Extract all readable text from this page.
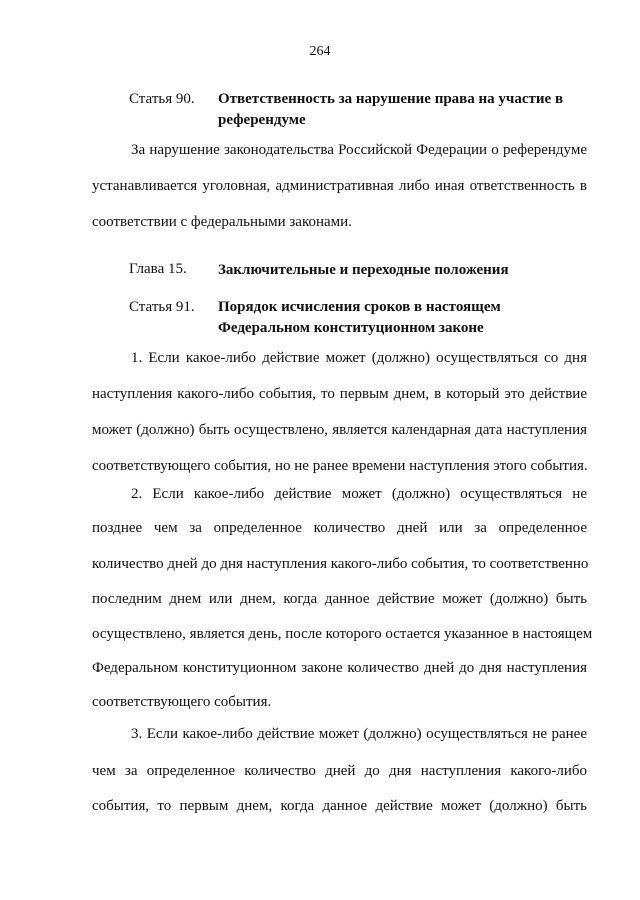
264
Статья 90. Ответственность за нарушение права на участие в
референдуме
За нарушение законодательства Российской Федерации о референдуме
устанавливается уголовная, административная либо иная ответственность в
соответствии с федеральными законами.
Глава 15. Заключительные и переходные положения
Статья 91. Порядок исчисления сроков в настоящем
Федеральном конституционном законе
1. Если какое-либо действие может (должно) осуществляться со дня
наступления какого-либо события, то первым днем, в который это действие
может (должно) быть осуществлено, является календарная дата наступления
соответствующего события, но не ранее времени наступления этого события.
2. Если какое-либо действие может (должно) осуществляться не
позднее чем за определенное количество дней или за определенное
количество дней до дня наступления какого-либо события, то соответственно
последним днем или днем, когда данное действие может (должно) быть
осуществлено, является день, после которого остается указанное в настоящем
Федеральном конституционном законе количество дней до дня наступления
соответствующего события.
3. Если какое-либо действие может (должно) осуществляться не ранее
чем за определенное количество дней до дня наступления какого-либо
события, то первым днем, когда данное действие может (должно) быть
